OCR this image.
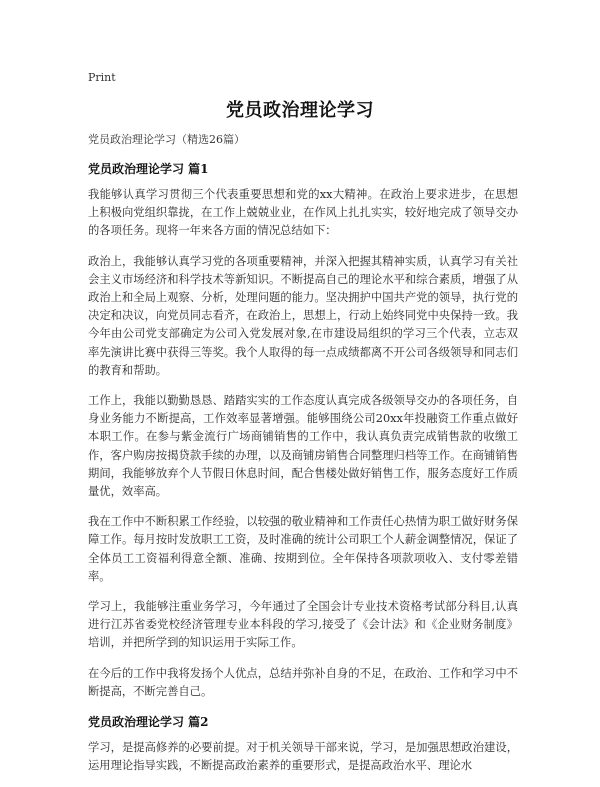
Print
党员政治理论学习
党员政治理论学习（精选26篇）
党员政治理论学习 篇1

我能够认真学习贯彻三个代表重要思想和党的xx大精神。在政治上要求进步，在思想上积极向党组织靠拢，在工作上兢兢业业，在作风上扎扎实实，较好地完成了领导交办的各项任务。现将一年来各方面的情况总结如下：

政治上，我能够认真学习党的各项重要精神，并深入把握其精神实质，认真学习有关社会主义市场经济和科学技术等新知识。不断提高自己的理论水平和综合素质，增强了从政治上和全局上观察、分析，处理问题的能力。坚决拥护中国共产党的领导，执行党的决定和决议，向党员同志看齐，在政治上，思想上，行动上始终同党中央保持一致。我今年由公司党支部确定为公司入党发展对象,在市建设局组织的学习三个代表，立志双率先演讲比赛中获得三等奖。我个人取得的每一点成绩都离不开公司各级领导和同志们的教育和帮助。

工作上，我能以勤勤恳恳、踏踏实实的工作态度认真完成各级领导交办的各项任务，自身业务能力不断提高，工作效率显著增强。能够围绕公司20xx年投融资工作重点做好本职工作。在参与紫金流行广场商铺销售的工作中，我认真负责完成销售款的收缴工作，客户购房按揭贷款手续的办理，以及商铺房销售合同整理归档等工作。在商铺销售期间，我能够放弃个人节假日休息时间，配合售楼处做好销售工作，服务态度好工作质量优，效率高。

我在工作中不断积累工作经验，以较强的敬业精神和工作责任心热情为职工做好财务保障工作。每月按时发放职工工资，及时准确的统计公司职工个人薪金调整情况，保证了全体员工工资福利得意全额、准确、按期到位。全年保持各项款项收入、支付零差错率。

学习上，我能够注重业务学习，今年通过了全国会计专业技术资格考试部分科目,认真进行江苏省委党校经济管理专业本科段的学习,接受了《会计法》和《企业财务制度》培训，并把所学到的知识运用于实际工作。

在今后的工作中我将发扬个人优点，总结并弥补自身的不足，在政治、工作和学习中不断提高，不断完善自己。

党员政治理论学习 篇2

学习，是提高修养的必要前提。对于机关领导干部来说，学习，是加强思想政治建设，运用理论指导实践，不断提高政治素养的重要形式，是提高政治水平、理论水
